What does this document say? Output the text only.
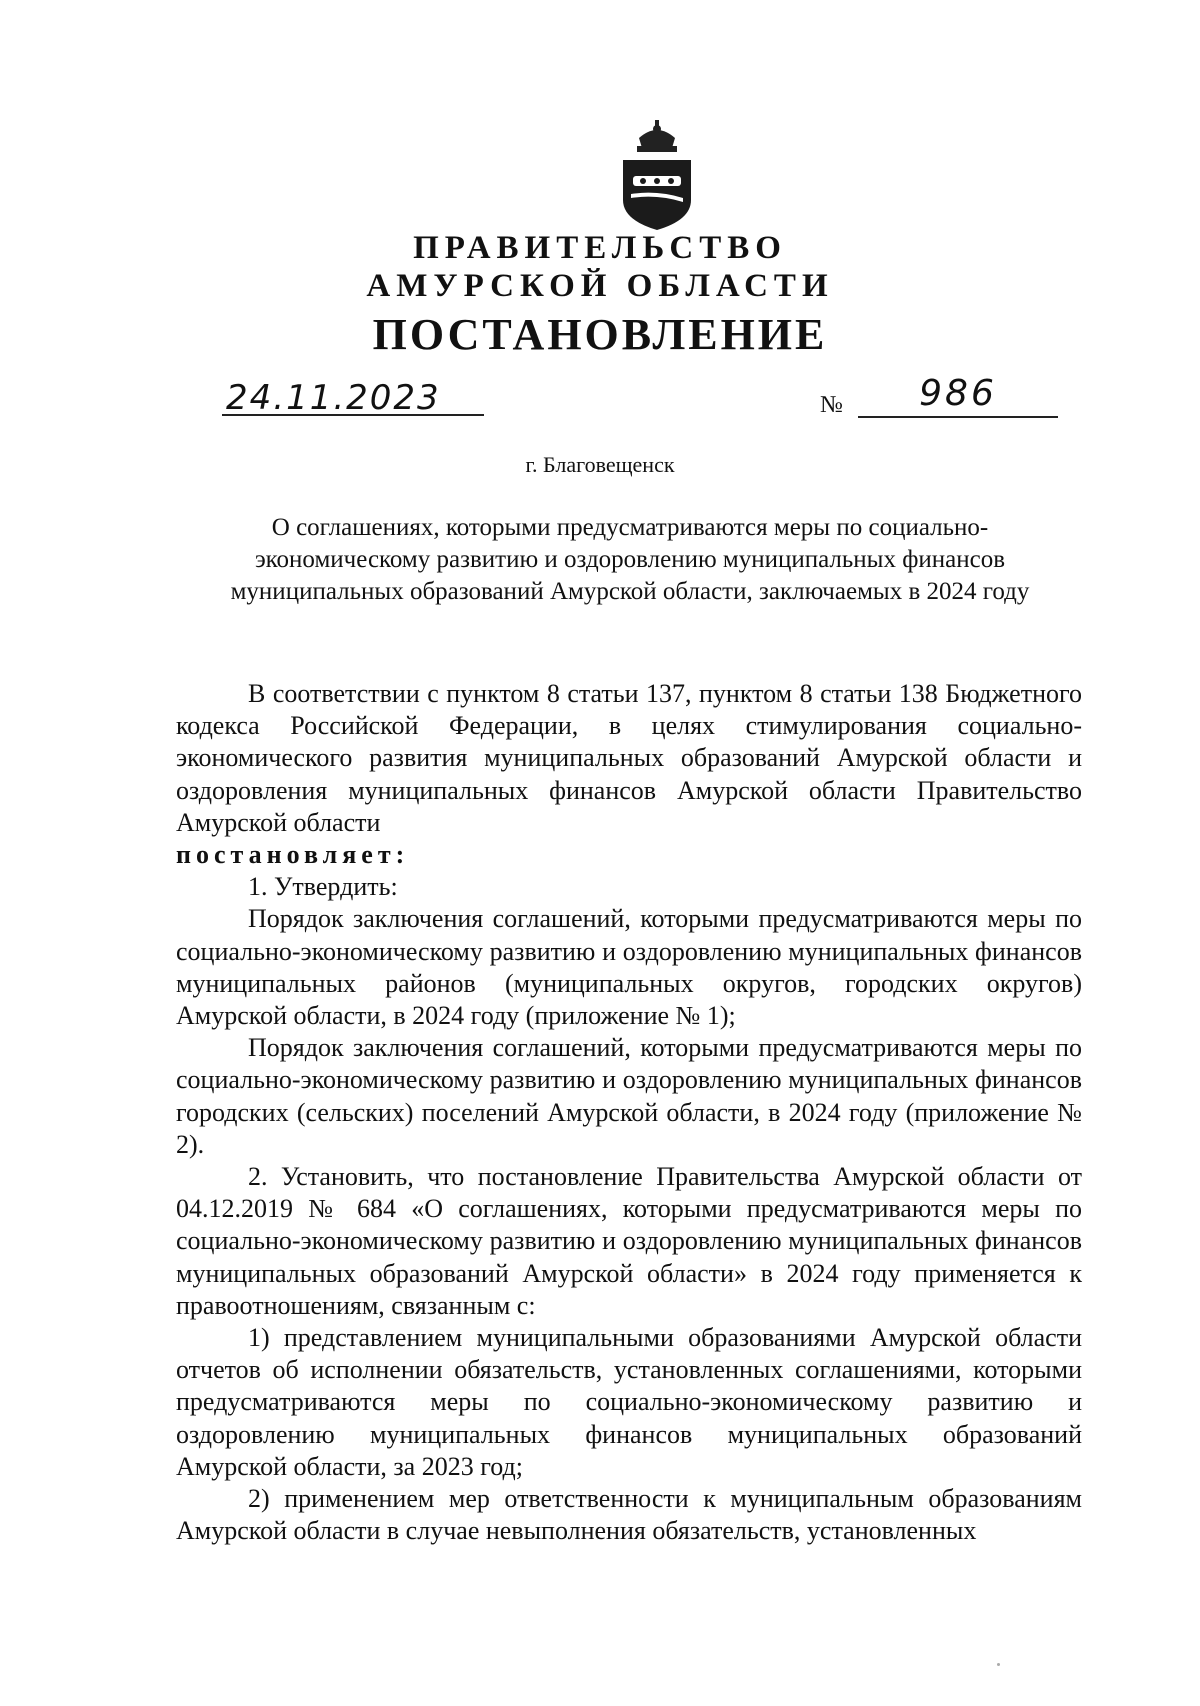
ПРАВИТЕЛЬСТВО
АМУРСКОЙ ОБЛАСТИ
ПОСТАНОВЛЕНИЕ
24.11.2023	№	986

г. Благовещенск

О соглашениях, которыми предусматриваются меры по социально-экономическому развитию и оздоровлению муниципальных финансов муниципальных образований Амурской области, заключаемых в 2024 году

В соответствии с пунктом 8 статьи 137, пунктом 8 статьи 138 Бюджетного кодекса Российской Федерации, в целях стимулирования социально-экономического развития муниципальных образований Амурской области и оздоровления муниципальных финансов Амурской области Правительство Амурской области

постановляет:

1. Утвердить:

Порядок заключения соглашений, которыми предусматриваются меры по социально-экономическому развитию и оздоровлению муниципальных финансов муниципальных районов (муниципальных округов, городских округов) Амурской области, в 2024 году (приложение № 1);

Порядок заключения соглашений, которыми предусматриваются меры по социально-экономическому развитию и оздоровлению муниципальных финансов городских (сельских) поселений Амурской области, в 2024 году (приложение № 2).

2. Установить, что постановление Правительства Амурской области от 04.12.2019 № 684 «О соглашениях, которыми предусматриваются меры по социально-экономическому развитию и оздоровлению муниципальных финансов муниципальных образований Амурской области» в 2024 году применяется к правоотношениям, связанным с:

1) представлением муниципальными образованиями Амурской области отчетов об исполнении обязательств, установленных соглашениями, которыми предусматриваются меры по социально-экономическому развитию и оздоровлению муниципальных финансов муниципальных образований Амурской области, за 2023 год;

2) применением мер ответственности к муниципальным образованиям Амурской области в случае невыполнения обязательств, установленных
